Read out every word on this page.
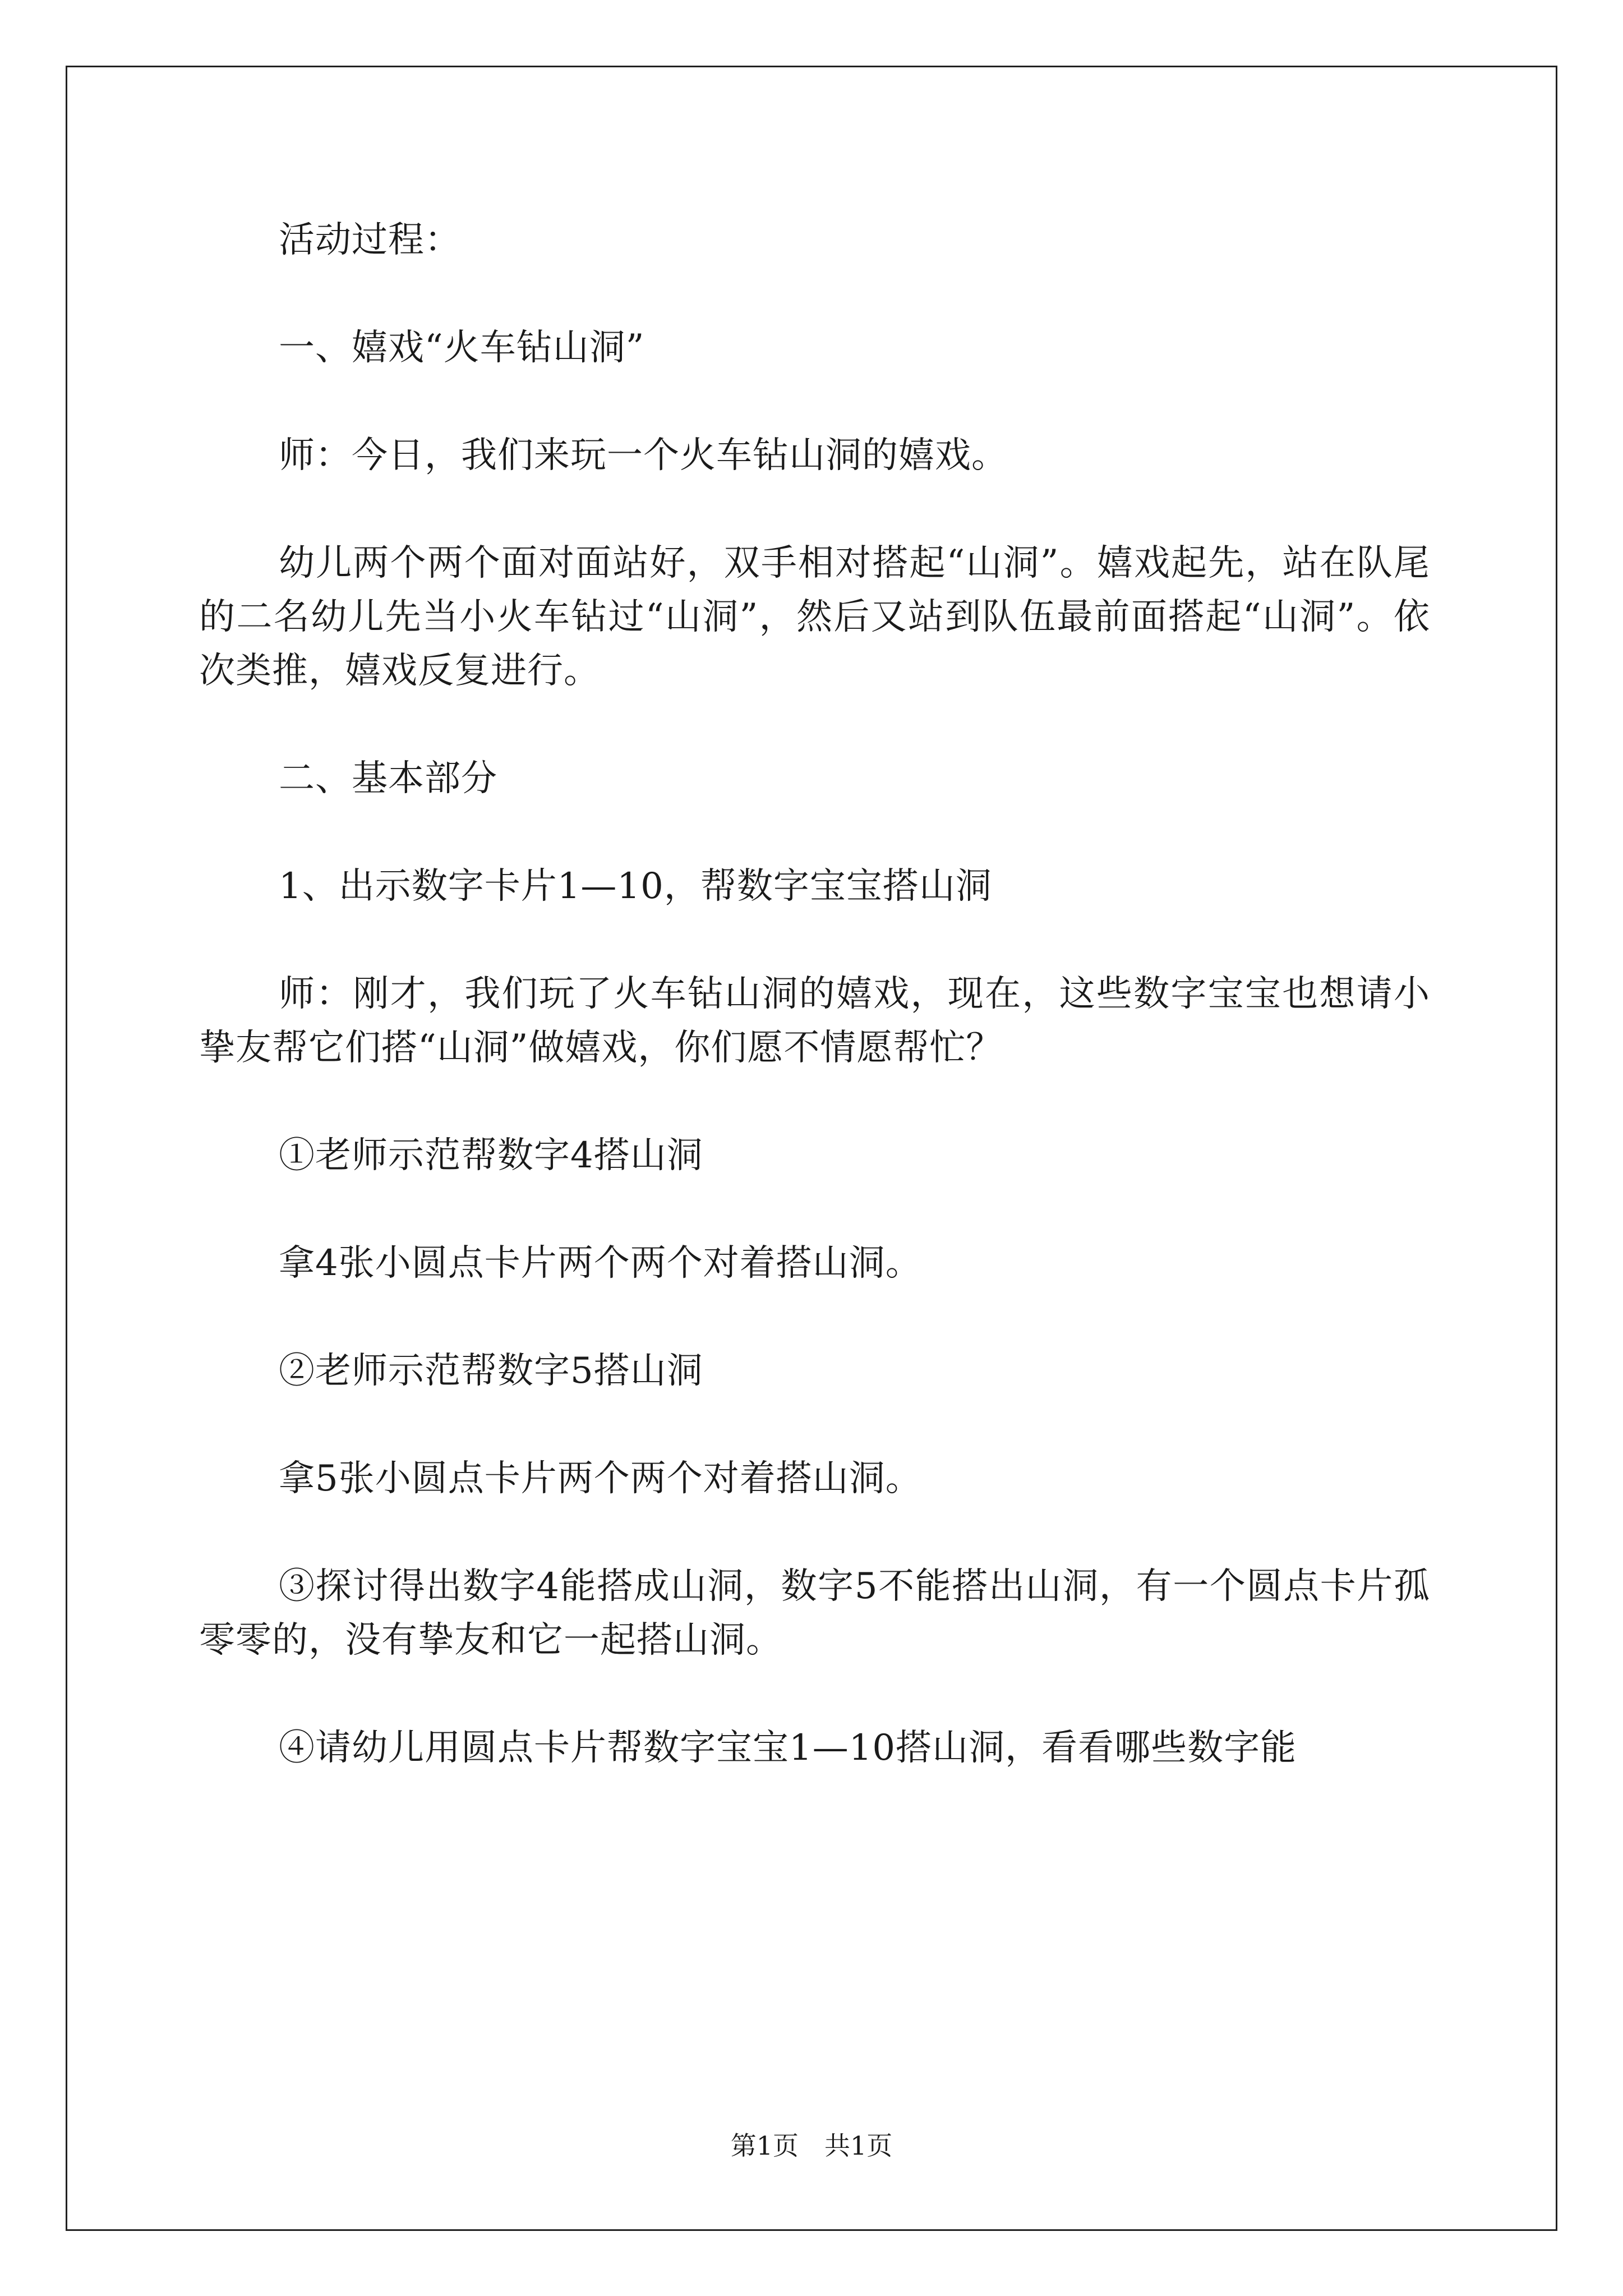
活动过程：

一、嬉戏“火车钻山洞”

师：今日，我们来玩一个火车钻山洞的嬉戏。

幼儿两个两个面对面站好，双手相对搭起“山洞”。嬉戏起先，站在队尾的二名幼儿先当小火车钻过“山洞”，然后又站到队伍最前面搭起“山洞”。依次类推，嬉戏反复进行。

二、基本部分

1、出示数字卡片1—10，帮数字宝宝搭山洞

师：刚才，我们玩了火车钻山洞的嬉戏，现在，这些数字宝宝也想请小挚友帮它们搭“山洞”做嬉戏，你们愿不情愿帮忙？

①老师示范帮数字4搭山洞

拿4张小圆点卡片两个两个对着搭山洞。

②老师示范帮数字5搭山洞

拿5张小圆点卡片两个两个对着搭山洞。

③探讨得出数字4能搭成山洞，数字5不能搭出山洞，有一个圆点卡片孤零零的，没有挚友和它一起搭山洞。

④请幼儿用圆点卡片帮数字宝宝1—10搭山洞，看看哪些数字能

第1页　共1页
